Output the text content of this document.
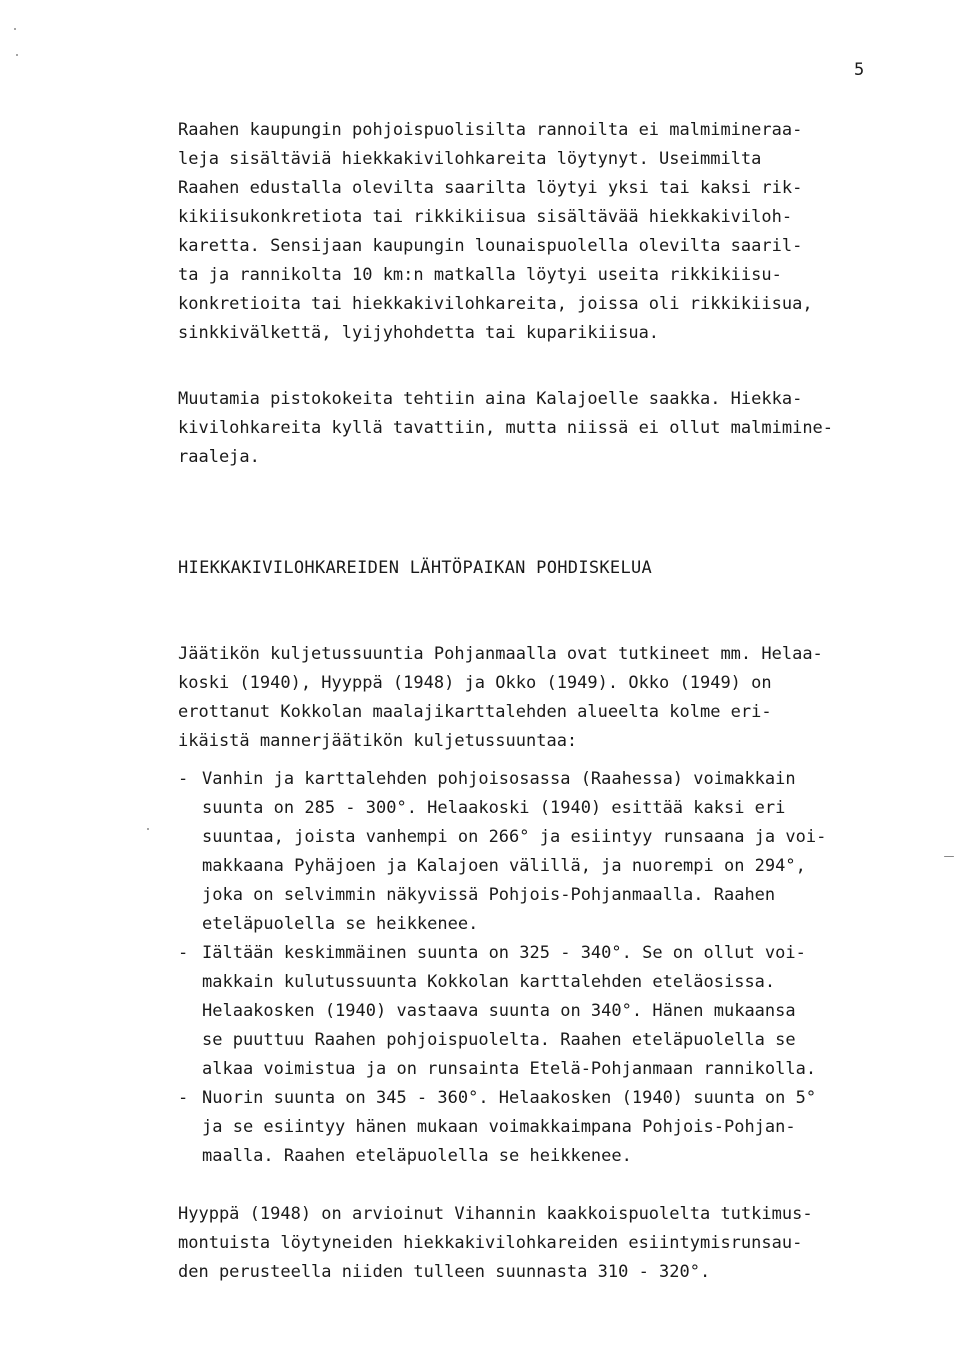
5
Raahen kaupungin pohjoispuolisilta rannoilta ei malmimineraa-
leja sisältäviä hiekkakivilohkareita löytynyt. Useimmilta
Raahen edustalla olevilta saarilta löytyi yksi tai kaksi rik-
kikiisukonkretiota tai rikkikiisua sisältävää hiekkakiviloh-
karetta. Sensijaan kaupungin lounaispuolella olevilta saaril-
ta ja rannikolta 10 km:n matkalla löytyi useita rikkikiisu-
konkretioita tai hiekkakivilohkareita, joissa oli rikkikiisua,
sinkkivälkettä, lyijyhohdetta tai kuparikiisua.
Muutamia pistokokeita tehtiin aina Kalajoelle saakka. Hiekka-
kivilohkareita kyllä tavattiin, mutta niissä ei ollut malmimine-
raaleja.
HIEKKAKIVILOHKAREIDEN LÄHTÖPAIKAN POHDISKELUA
Jäätikön kuljetussuuntia Pohjanmaalla ovat tutkineet mm. Helaa-
koski (1940), Hyyppä (1948) ja Okko (1949). Okko (1949) on
erottanut Kokkolan maalajikarttalehden alueelta kolme eri-
ikäistä mannerjäätikön kuljetussuuntaa:
- Vanhin ja karttalehden pohjoisosassa (Raahessa) voimakkain
suunta on 285 - 300°. Helaakoski (1940) esittää kaksi eri
suuntaa, joista vanhempi on 266° ja esiintyy runsaana ja voi-
makkaana Pyhäjoen ja Kalajoen välillä, ja nuorempi on 294°,
joka on selvimmin näkyvissä Pohjois-Pohjanmaalla. Raahen
eteläpuolella se heikkenee.
- Iältään keskimmäinen suunta on 325 - 340°. Se on ollut voi-
makkain kulutussuunta Kokkolan karttalehden eteläosissa.
Helaakosken (1940) vastaava suunta on 340°. Hänen mukaansa
se puuttuu Raahen pohjoispuolelta. Raahen eteläpuolella se
alkaa voimistua ja on runsainta Etelä-Pohjanmaan rannikolla.
- Nuorin suunta on 345 - 360°. Helaakosken (1940) suunta on 5°
ja se esiintyy hänen mukaan voimakkaimpana Pohjois-Pohjan-
maalla. Raahen eteläpuolella se heikkenee.
Hyyppä (1948) on arvioinut Vihannin kaakkoispuolelta tutkimus-
montuista löytyneiden hiekkakivilohkareiden esiintymisrunsau-
den perusteella niiden tulleen suunnasta 310 - 320°.
